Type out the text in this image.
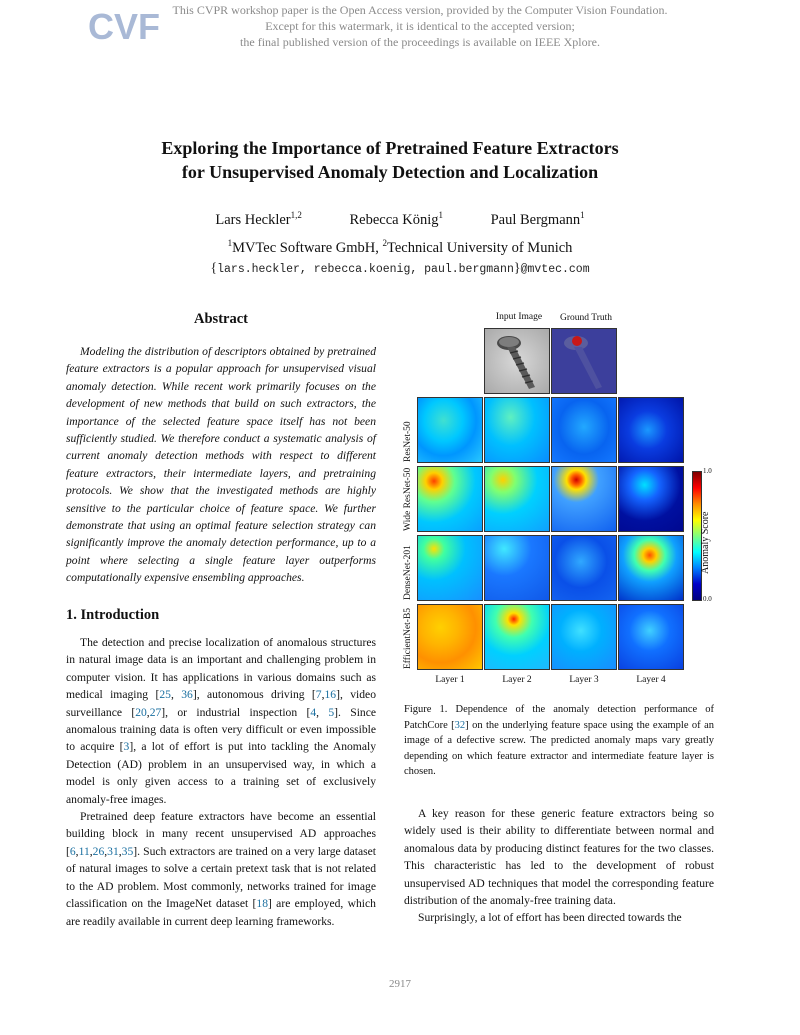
CVF	This CVPR workshop paper is the Open Access version, provided by the Computer Vision Foundation.
Except for this watermark, it is identical to the accepted version;
the final published version of the proceedings is available on IEEE Xplore.
Exploring the Importance of Pretrained Feature Extractors
for Unsupervised Anomaly Detection and Localization
Lars Heckler$^{1,2}$	Rebecca König$^1$	Paul Bergmann$^1$
$^1$MVTec Software GmbH, $^2$Technical University of Munich
{lars.heckler, rebecca.koenig, paul.bergmann}@mvtec.com
Abstract
Modeling the distribution of descriptors obtained by pretrained feature extractors is a popular approach for unsupervised visual anomaly detection. While recent work primarily focuses on the development of new methods that build on such extractors, the importance of the selected feature space itself has not been sufficiently studied. We therefore conduct a systematic analysis of current anomaly detection methods with respect to different feature extractors, their intermediate layers, and pretraining protocols. We show that the investigated methods are highly sensitive to the particular choice of feature space. We further demonstrate that using an optimal feature selection strategy can significantly improve the anomaly detection performance, up to a point where selecting a single feature layer outperforms computationally expensive ensembling approaches.
1. Introduction

The detection and precise localization of anomalous structures in natural image data is an important and challenging problem in computer vision. It has applications in various domains such as medical imaging [25, 36], autonomous driving [7,16], video surveillance [20,27], or industrial inspection [4, 5]. Since anomalous training data is often very difficult or even impossible to acquire [3], a lot of effort is put into tackling the Anomaly Detection (AD) problem in an unsupervised way, in which a model is only given access to a training set of exclusively anomaly-free images.

Pretrained deep feature extractors have become an essential building block in many recent unsupervised AD approaches [6,11,26,31,35]. Such extractors are trained on a very large dataset of natural images to solve a certain pretext task that is not related to the AD problem. Most commonly, networks trained for image classification on the ImageNet dataset [18] are employed, which are readily available in current deep learning frameworks.

Input Image	Ground Truth
ResNet-50
Wide ResNet-50
DenseNet-201
EfficientNet-B5
Layer 1	Layer 2	Layer 3	Layer 4
1.0
0.0
Anomaly Score
Figure 1. Dependence of the anomaly detection performance of PatchCore [32] on the underlying feature space using the example of an image of a defective screw. The predicted anomaly maps vary greatly depending on which feature extractor and intermediate feature layer is chosen.

A key reason for these generic feature extractors being so widely used is their ability to differentiate between normal and anomalous data by producing distinct features for the two classes. This characteristic has led to the development of robust unsupervised AD techniques that model the corresponding feature distribution of the anomaly-free training data.

Surprisingly, a lot of effort has been directed towards the

2917
